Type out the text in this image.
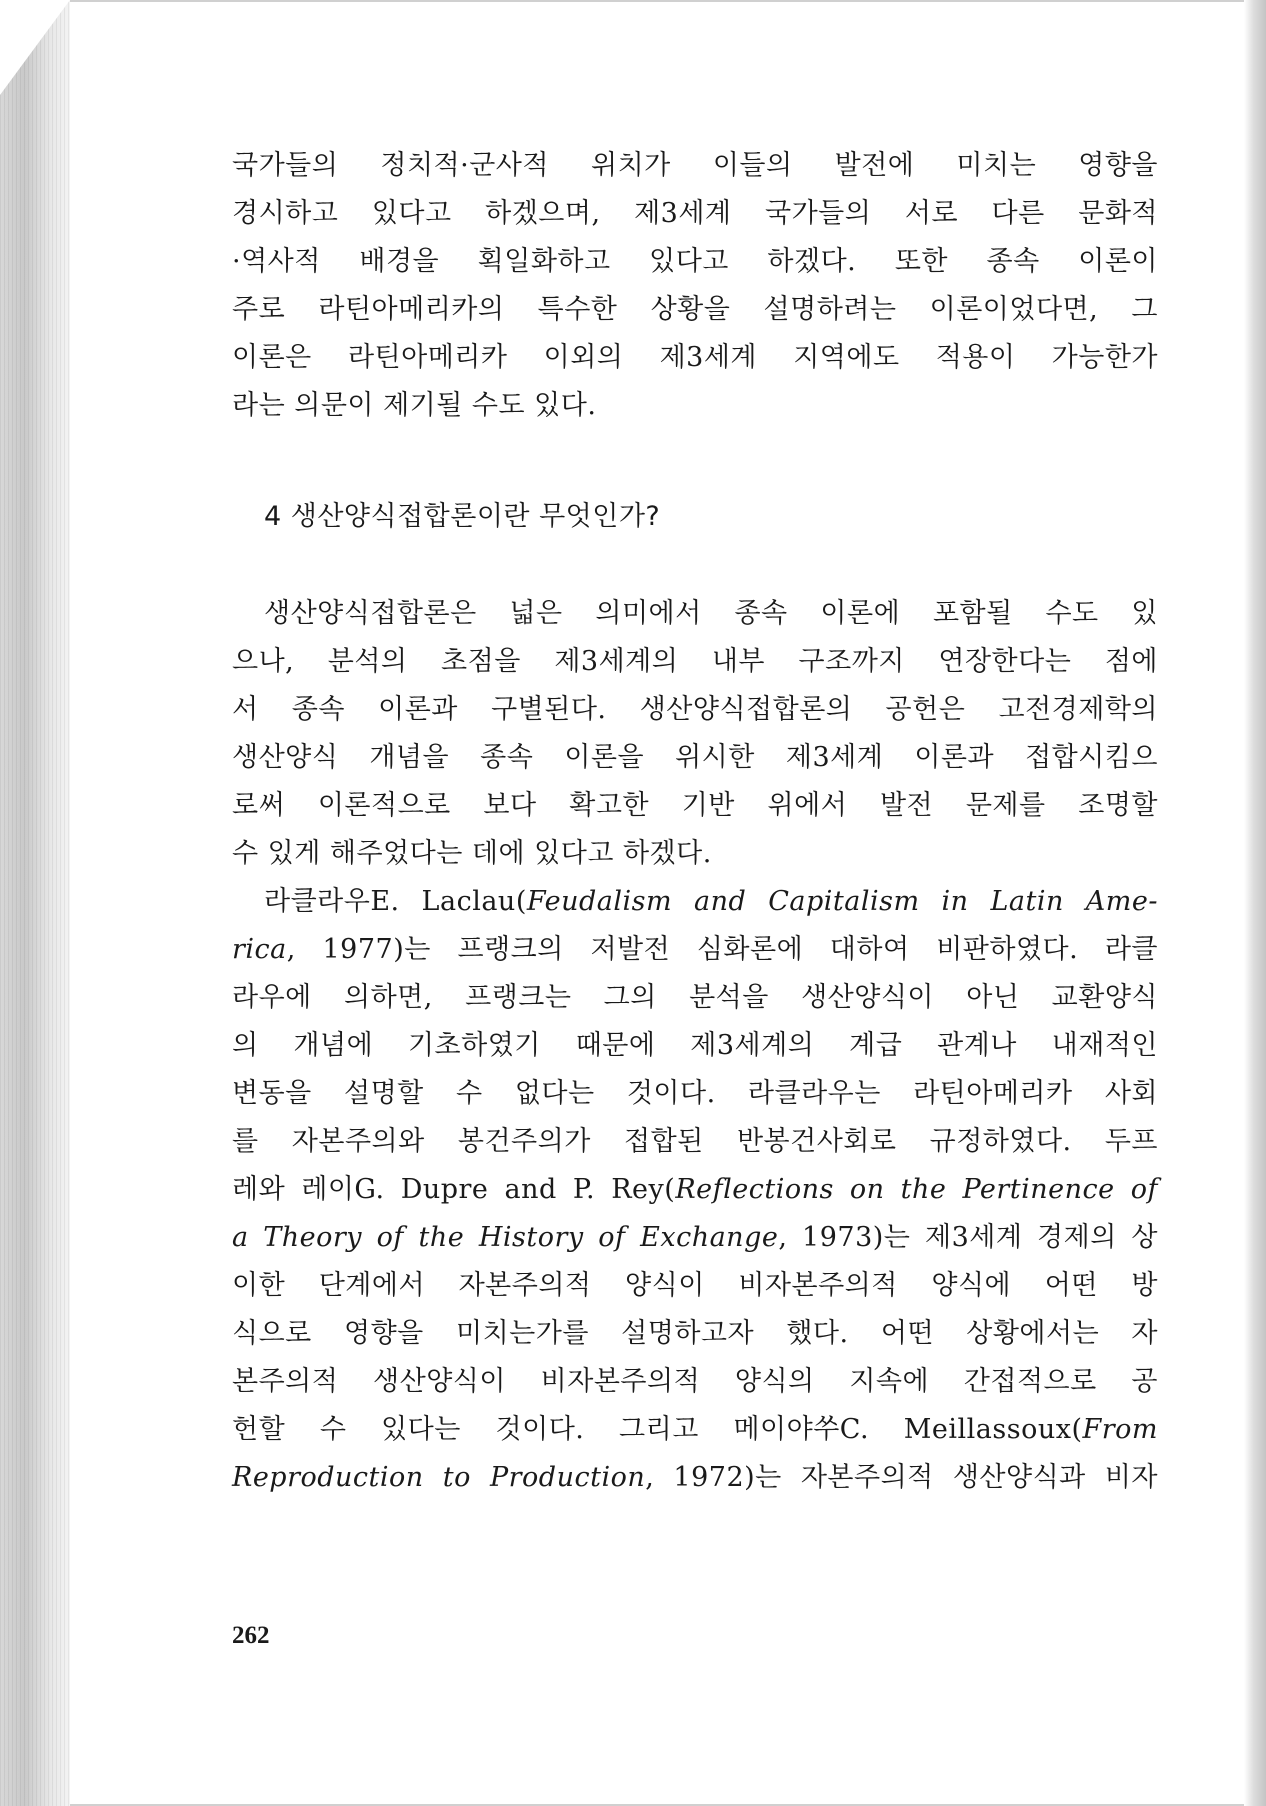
국가들의 정치적·군사적 위치가 이들의 발전에 미치는 영향을
경시하고 있다고 하겠으며, 제3세계 국가들의 서로 다른 문화적
·역사적 배경을 획일화하고 있다고 하겠다. 또한 종속 이론이
주로 라틴아메리카의 특수한 상황을 설명하려는 이론이었다면, 그
이론은 라틴아메리카 이외의 제3세계 지역에도 적용이 가능한가
라는 의문이 제기될 수도 있다.
4 생산양식접합론이란 무엇인가?
생산양식접합론은 넓은 의미에서 종속 이론에 포함될 수도 있
으나, 분석의 초점을 제3세계의 내부 구조까지 연장한다는 점에
서 종속 이론과 구별된다. 생산양식접합론의 공헌은 고전경제학의
생산양식 개념을 종속 이론을 위시한 제3세계 이론과 접합시킴으
로써 이론적으로 보다 확고한 기반 위에서 발전 문제를 조명할
수 있게 해주었다는 데에 있다고 하겠다.
라클라우E. Laclau(Feudalism and Capitalism in Latin Ame-
rica, 1977)는 프랭크의 저발전 심화론에 대하여 비판하였다. 라클
라우에 의하면, 프랭크는 그의 분석을 생산양식이 아닌 교환양식
의 개념에 기초하였기 때문에 제3세계의 계급 관계나 내재적인
변동을 설명할 수 없다는 것이다. 라클라우는 라틴아메리카 사회
를 자본주의와 봉건주의가 접합된 반봉건사회로 규정하였다. 두프
레와 레이G. Dupre and P. Rey(Reflections on the Pertinence of
a Theory of the History of Exchange, 1973)는 제3세계 경제의 상
이한 단계에서 자본주의적 양식이 비자본주의적 양식에 어떤 방
식으로 영향을 미치는가를 설명하고자 했다. 어떤 상황에서는 자
본주의적 생산양식이 비자본주의적 양식의 지속에 간접적으로 공
헌할 수 있다는 것이다. 그리고 메이야쑤C. Meillassoux(From
Reproduction to Production, 1972)는 자본주의적 생산양식과 비자
262
